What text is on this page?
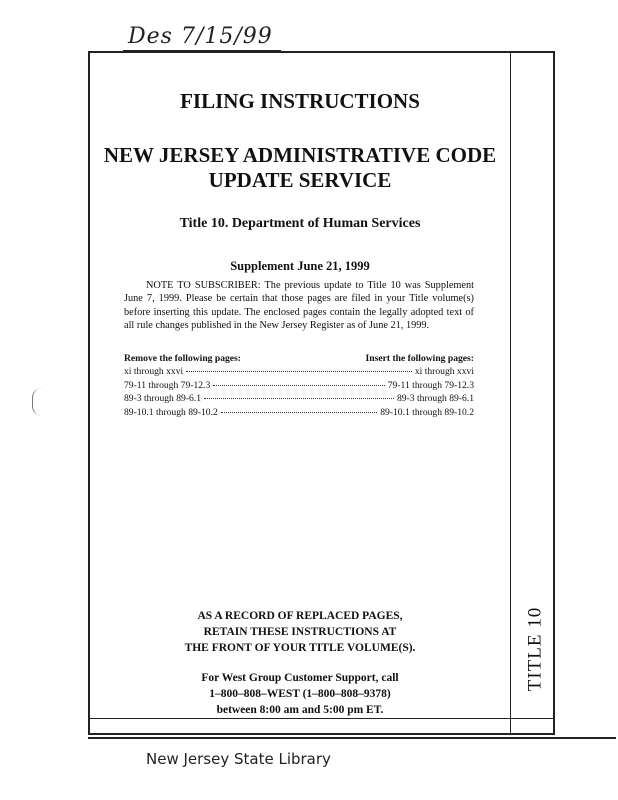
Des 7/15/99
TITLE 10
FILING INSTRUCTIONS
NEW JERSEY ADMINISTRATIVE CODE
UPDATE SERVICE
Title 10. Department of Human Services
Supplement June 21, 1999
NOTE TO SUBSCRIBER: The previous update to Title 10 was Supplement June 7, 1999. Please be certain that those pages are filed in your Title volume(s) before inserting this update. The enclosed pages contain the legally adopted text of all rule changes published in the New Jersey Register as of June 21, 1999.
Remove the following pages:	Insert the following pages:
xi through xxvi	xi through xxvi
79-11 through 79-12.3	79-11 through 79-12.3
89-3 through 89-6.1	89-3 through 89-6.1
89-10.1 through 89-10.2	89-10.1 through 89-10.2
AS A RECORD OF REPLACED PAGES,
RETAIN THESE INSTRUCTIONS AT
THE FRONT OF YOUR TITLE VOLUME(S).
For West Group Customer Support, call
1–800–808–WEST (1–800–808–9378)
between 8:00 am and 5:00 pm ET.
New Jersey State Library
